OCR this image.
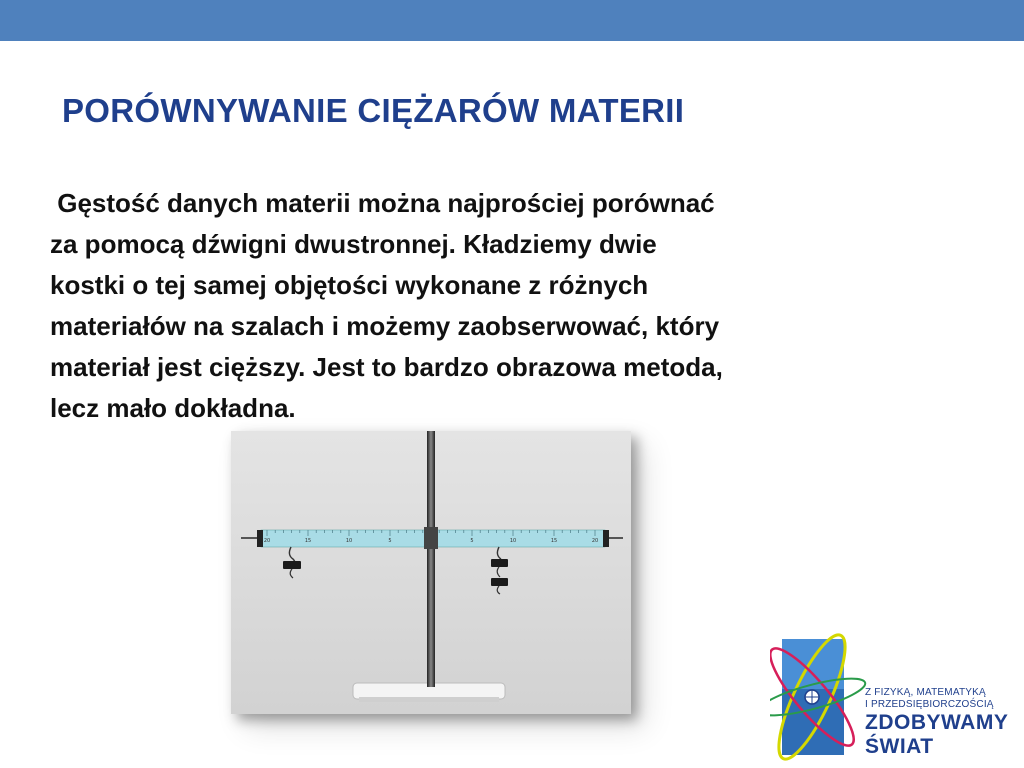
PORÓWNYWANIE CIĘŻARÓW MATERII

Gęstość danych materii można najprościej porównać
za pomocą dźwigni dwustronnej. Kładziemy dwie
kostki o tej samej objętości wykonane z różnych
materiałów na szalach i możemy zaobserwować, który
materiał jest cięższy. Jest to bardzo obrazowa metoda,
lecz mało dokładna.

20	15	10	5	5	10	15	20
Z FIZYKĄ, MATEMATYKĄ
I PRZEDSIĘBIORCZOŚCIĄ
ZDOBYWAMY
ŚWIAT
